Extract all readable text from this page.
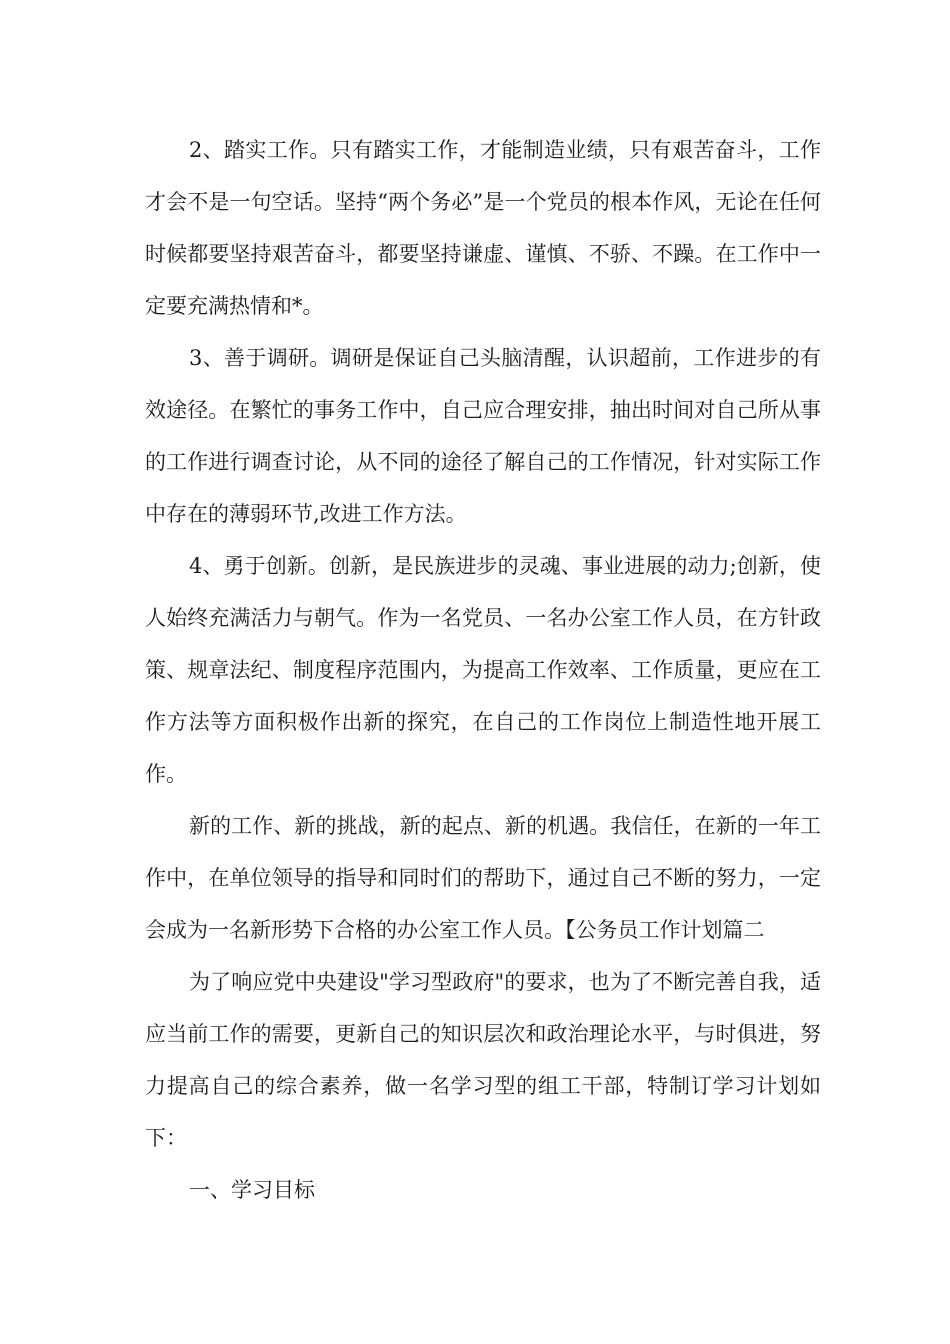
2、踏实工作。只有踏实工作，才能制造业绩，只有艰苦奋斗，工作才会不是一句空话。坚持“两个务必”是一个党员的根本作风，无论在任何时候都要坚持艰苦奋斗，都要坚持谦虚、谨慎、不骄、不躁。在工作中一定要充满热情和*。

3、善于调研。调研是保证自己头脑清醒，认识超前，工作进步的有效途径。在繁忙的事务工作中，自己应合理安排，抽出时间对自己所从事的工作进行调查讨论，从不同的途径了解自己的工作情况，针对实际工作中存在的薄弱环节,改进工作方法。

4、勇于创新。创新，是民族进步的灵魂、事业进展的动力;创新，使人始终充满活力与朝气。作为一名党员、一名办公室工作人员，在方针政策、规章法纪、制度程序范围内，为提高工作效率、工作质量，更应在工作方法等方面积极作出新的探究，在自己的工作岗位上制造性地开展工作。

新的工作、新的挑战，新的起点、新的机遇。我信任，在新的一年工作中，在单位领导的指导和同时们的帮助下，通过自己不断的努力，一定会成为一名新形势下合格的办公室工作人员。【公务员工作计划篇二

为了响应党中央建设"学习型政府"的要求，也为了不断完善自我，适应当前工作的需要，更新自己的知识层次和政治理论水平，与时俱进，努力提高自己的综合素养，做一名学习型的组工干部，特制订学习计划如下：

一、学习目标
